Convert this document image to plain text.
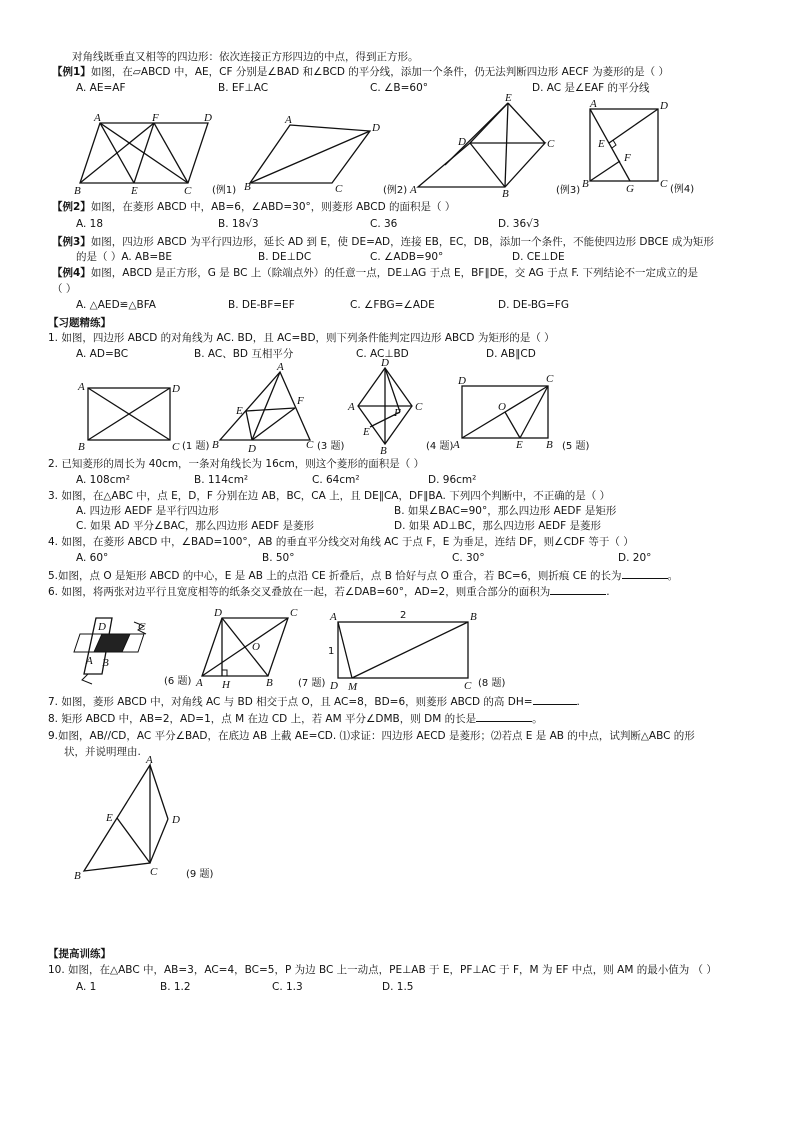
对角线既垂直又相等的四边形：依次连接正方形四边的中点，得到正方形。
【例1】如图，在▱ABCD 中，AE，CF 分别是∠BAD 和∠BCD 的平分线，添加一个条件，仍无法判断四边形 AECF 为菱形的是（ ）
A. AE=AF	B. EF⊥AC	C. ∠B=60°	D. AC 是∠EAF 的平分线
A	F	D
B	E	C (例1)
A
D
B	C	(例2)
E
D	C
A	B	(例3)
A	D
E
F
B	G C (例4)
【例2】如图，在菱形 ABCD 中，AB=6，∠ABD=30°，则菱形 ABCD 的面积是（ ）
A. 18	B. 18√3	C. 36	D. 36√3
【例3】如图，四边形 ABCD 为平行四边形，延长 AD 到 E，使 DE=AD，连接 EB，EC，DB，添加一个条件，不能使四边形 DBCE 成为矩形
的是（ ）A. AB=BE	B. DE⊥DC	C. ∠ADB=90°	D. CE⊥DE
【例4】如图，ABCD 是正方形，G 是 BC 上（除端点外）的任意一点，DE⊥AG 于点 E，BF∥DE，交 AG 于点 F. 下列结论不一定成立的是
（ ）
A. △AED≌△BFA	B. DE-BF=EF	C. ∠FBG=∠ADE	D. DE-BG=FG
【习题精练】
1. 如图，四边形 ABCD 的对角线为 AC. BD，且 AC=BD，则下列条件能判定四边形 ABCD 为矩形的是（ ）
A. AD=BC	B. AC、BD 互相平分	C. AC⊥BD	D. AB∥CD
A	D
B	C (1 题)
A
E
F
B	D	C (3 题)
D
A	C
F
E
B	(4 题)
D	C
O
A	E B (5 题)
2. 已知菱形的周长为 40cm，一条对角线长为 16cm，则这个菱形的面积是（ ）
A. 108cm²	B. 114cm²	C. 64cm²	D. 96cm²
3. 如图，在△ABC 中，点 E，D，F 分别在边 AB，BC，CA 上，且 DE∥CA，DF∥BA. 下列四个判断中，不正确的是（ ）
A. 四边形 AEDF 是平行四边形	B. 如果∠BAC=90°，那么四边形 AEDF 是矩形
C. 如果 AD 平分∠BAC，那么四边形 AEDF 是菱形	D. 如果 AD⊥BC，那么四边形 AEDF 是菱形
4. 如图，在菱形 ABCD 中，∠BAD=100°，AB 的垂直平分线交对角线 AC 于点 F，E 为垂足，连结 DF，则∠CDF 等于（ ）
A. 60°	B. 50°	C. 30°	D. 20°
5.如图，点 O 是矩形 ABCD 的中心，E 是 AB 上的点沿 CE 折叠后，点 B 恰好与点 O 重合，若 BC=6，则折痕 CE 的长为	。
6. 如图，将两张对边平行且宽度相等的纸条交叉叠放在一起，若∠DAB=60°，AD=2，则重合部分的面积为	.
D	C
A B
(6 题)
D	C
O
A H	B	(7 题)
A	B
2
1
D M	C (8 题)
7. 如图，菱形 ABCD 中，对角线 AC 与 BD 相交于点 O，且 AC=8，BD=6，则菱形 ABCD 的高 DH=	.
8. 矩形 ABCD 中，AB=2，AD=1，点 M 在边 CD 上，若 AM 平分∠DMB，则 DM 的长是	。
9.如图，AB//CD，AC 平分∠BAD，在底边 AB 上截 AE=CD. ⑴求证：四边形 AECD 是菱形；⑵若点 E 是 AB 的中点，试判断△ABC 的形
状，并说明理由.
A
E	D
B	C	(9 题)
【提高训练】
10. 如图，在△ABC 中，AB=3，AC=4，BC=5，P 为边 BC 上一动点，PE⊥AB 于 E，PF⊥AC 于 F，M 为 EF 中点，则 AM 的最小值为 （ ）
A. 1	B. 1.2	C. 1.3	D. 1.5
